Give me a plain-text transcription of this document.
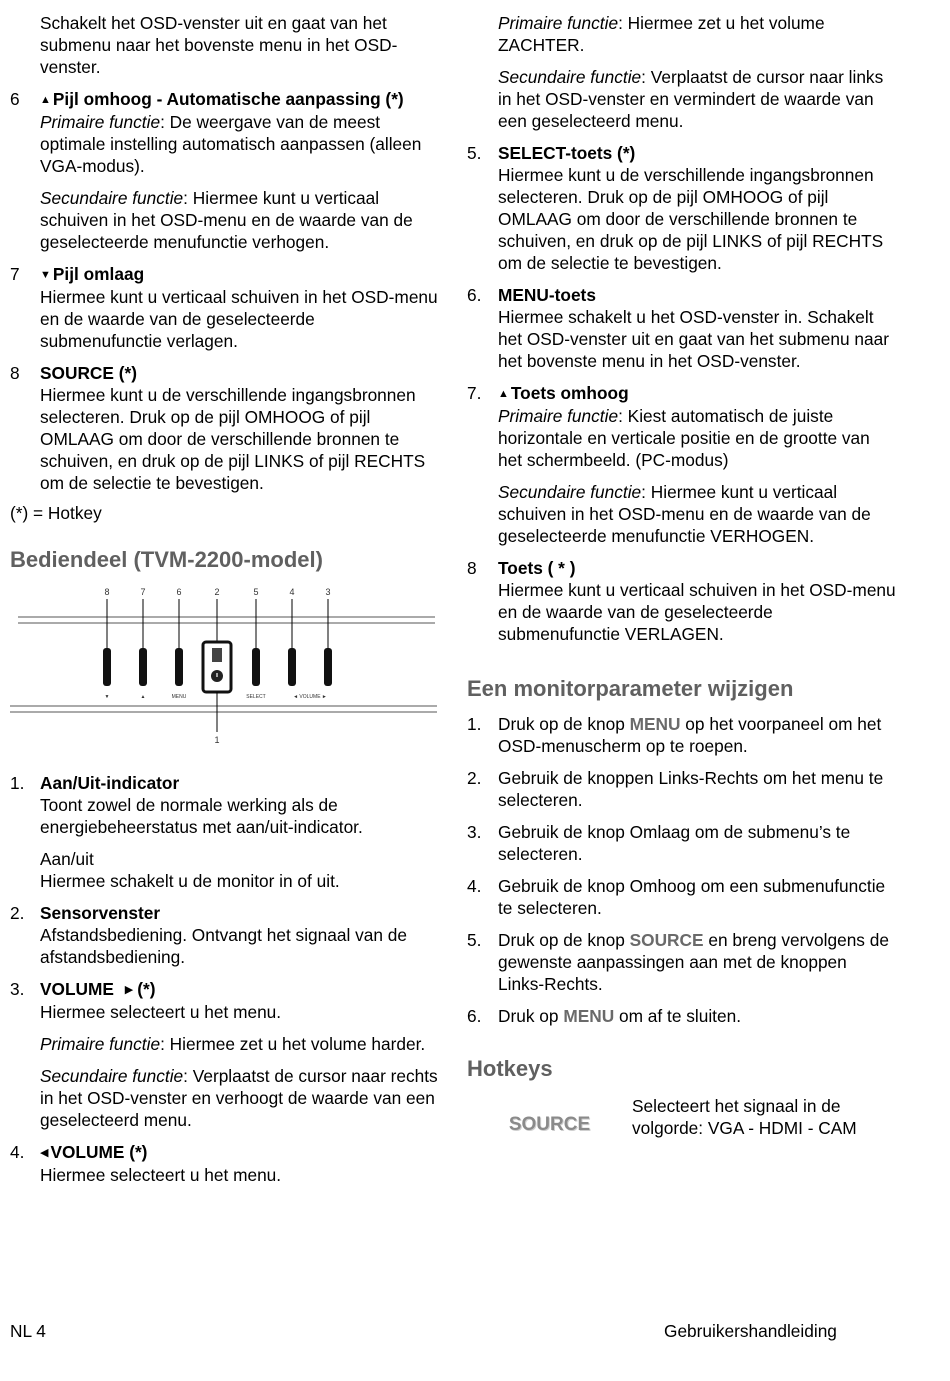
Schakelt het OSD-venster uit en gaat van het submenu naar het bovenste menu in het OSD-venster.
6	▲ Pijl omhoog - Automatische aanpassing (*)
Primaire functie: De weergave van de meest optimale instelling automatisch aanpassen (alleen VGA-modus).

Secundaire functie: Hiermee kunt u verticaal schuiven in het OSD-menu en de waarde van de geselecteerde menufunctie verhogen.

7	▼ Pijl omlaag
Hiermee kunt u verticaal schuiven in het OSD-menu en de waarde van de geselecteerde submenufunctie verlagen.

8	SOURCE (*)
Hiermee kunt u de verschillende ingangsbronnen selecteren. Druk op de pijl OMHOOG of pijl OMLAAG om door de verschillende bronnen te schuiven, en druk op de pijl LINKS of pijl RECHTS om de selectie te bevestigen.

(*) = Hotkey
Bediendeel (TVM-2200-model)
8	7	6	2	5	4	3
1
▼	▲	MENU	SELECT	◄ VOLUME ►
1. Aan/Uit-indicator
Toont zowel de normale werking als de energiebeheerstatus met aan/uit-indicator.

Aan/uit
Hiermee schakelt u de monitor in of uit.

2. Sensorvenster
Afstandsbediening. Ontvangt het signaal van de afstandsbediening.

3. VOLUME ▶ (*)
Hiermee selecteert u het menu.

Primaire functie: Hiermee zet u het volume harder.

Secundaire functie: Verplaatst de cursor naar rechts in het OSD-venster en verhoogt de waarde van een geselecteerd menu.

4.	◀ VOLUME (*)
Hiermee selecteert u het menu.

Primaire functie: Hiermee zet u het volume ZACHTER.

Secundaire functie: Verplaatst de cursor naar links in het OSD-venster en vermindert de waarde van een geselecteerd menu.

5. SELECT-toets (*)
Hiermee kunt u de verschillende ingangsbronnen selecteren. Druk op de pijl OMHOOG of pijl OMLAAG om door de verschillende bronnen te schuiven, en druk op de pijl LINKS of pijl RECHTS om de selectie te bevestigen.

6. MENU-toets
Hiermee schakelt u het OSD-venster in. Schakelt het OSD-venster uit en gaat van het submenu naar het bovenste menu in het OSD-venster.

7.	▲ Toets omhoog
Primaire functie: Kiest automatisch de juiste horizontale en verticale positie en de grootte van het schermbeeld. (PC-modus)

Secundaire functie: Hiermee kunt u verticaal schuiven in het OSD-menu en de waarde van de geselecteerde menufunctie VERHOGEN.

8	Toets ( * )
Hiermee kunt u verticaal schuiven in het OSD-menu en de waarde van de geselecteerde submenufunctie VERLAGEN.

Een monitorparameter wijzigen
1. Druk op de knop MENU op het voorpaneel om het OSD-menuscherm op te roepen.
2. Gebruik de knoppen Links-Rechts om het menu te selecteren.
3. Gebruik de knop Omlaag om de submenu’s te selecteren.
4. Gebruik de knop Omhoog om een submenufunctie te selecteren.
5. Druk op de knop SOURCE en breng vervolgens de gewenste aanpassingen aan met de knoppen Links-Rechts.
6. Druk op MENU om af te sluiten.
Hotkeys
SOURCE
Selecteert het signaal in de volgorde: VGA - HDMI - CAM
NL 4	Gebruikershandleiding
